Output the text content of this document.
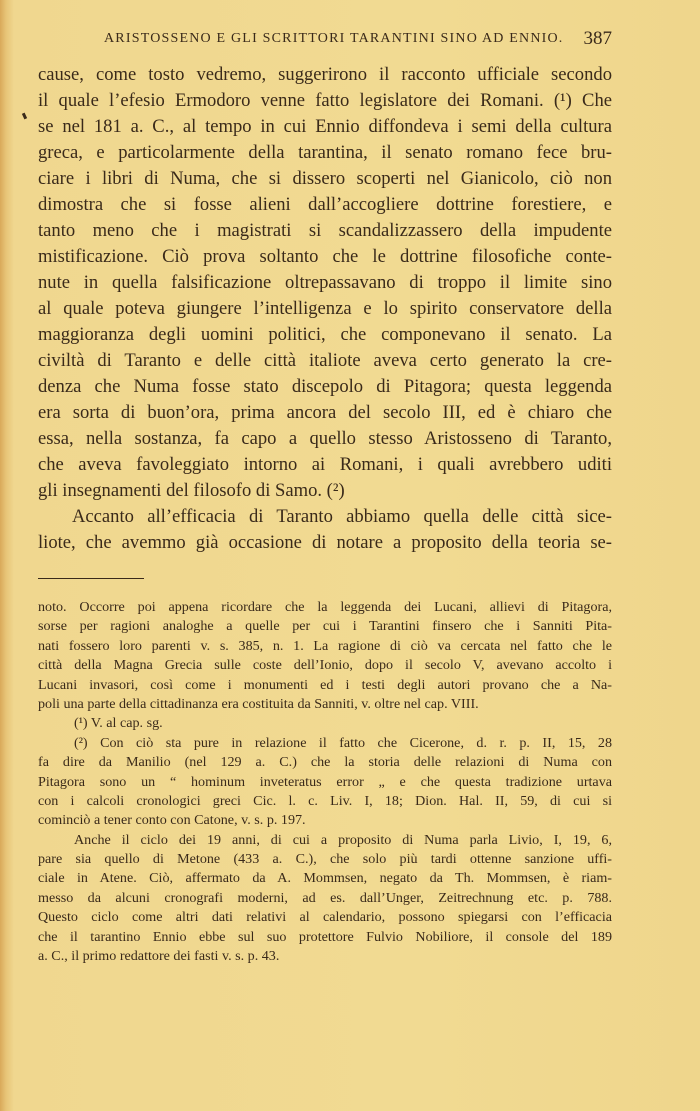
ARISTOSSENO E GLI SCRITTORI TARANTINI SINO AD ENNIO. 387
cause, come tosto vedremo, suggerirono il racconto ufficiale secondo
il quale l’efesio Ermodoro venne fatto legislatore dei Romani. (¹) Che
se nel 181 a. C., al tempo in cui Ennio diffondeva i semi della cultura
greca, e particolarmente della tarantina, il senato romano fece bru-
ciare i libri di Numa, che si dissero scoperti nel Gianicolo, ciò non
dimostra che si fosse alieni dall’accogliere dottrine forestiere, e
tanto meno che i magistrati si scandalizzassero della impudente
mistificazione. Ciò prova soltanto che le dottrine filosofiche conte-
nute in quella falsificazione oltrepassavano di troppo il limite sino
al quale poteva giungere l’intelligenza e lo spirito conservatore della
maggioranza degli uomini politici, che componevano il senato. La
civiltà di Taranto e delle città italiote aveva certo generato la cre-
denza che Numa fosse stato discepolo di Pitagora; questa leggenda
era sorta di buon’ora, prima ancora del secolo III, ed è chiaro che
essa, nella sostanza, fa capo a quello stesso Aristosseno di Taranto,
che aveva favoleggiato intorno ai Romani, i quali avrebbero uditi
gli insegnamenti del filosofo di Samo. (²)
Accanto all’efficacia di Taranto abbiamo quella delle città sice-
liote, che avemmo già occasione di notare a proposito della teoria se-
noto. Occorre poi appena ricordare che la leggenda dei Lucani, allievi di Pitagora,
sorse per ragioni analoghe a quelle per cui i Tarantini finsero che i Sanniti Pita-
nati fossero loro parenti v. s. 385, n. 1. La ragione di ciò va cercata nel fatto che le
città della Magna Grecia sulle coste dell’Ionio, dopo il secolo V, avevano accolto i
Lucani invasori, così come i monumenti ed i testi degli autori provano che a Na-
poli una parte della cittadinanza era costituita da Sanniti, v. oltre nel cap. VIII.
(¹) V. al cap. sg.
(²) Con ciò sta pure in relazione il fatto che Cicerone, d. r. p. II, 15, 28
fa dire da Manilio (nel 129 a. C.) che la storia delle relazioni di Numa con
Pitagora sono un “ hominum inveteratus error „ e che questa tradizione urtava
con i calcoli cronologici greci Cic. l. c. Liv. I, 18; Dion. Hal. II, 59, di cui si
cominciò a tener conto con Catone, v. s. p. 197.
Anche il ciclo dei 19 anni, di cui a proposito di Numa parla Livio, I, 19, 6,
pare sia quello di Metone (433 a. C.), che solo più tardi ottenne sanzione uffi-
ciale in Atene. Ciò, affermato da A. Mommsen, negato da Th. Mommsen, è riam-
messo da alcuni cronografi moderni, ad es. dall’Unger, Zeitrechnung etc. p. 788.
Questo ciclo come altri dati relativi al calendario, possono spiegarsi con l’efficacia
che il tarantino Ennio ebbe sul suo protettore Fulvio Nobiliore, il console del 189
a. C., il primo redattore dei fasti v. s. p. 43.
